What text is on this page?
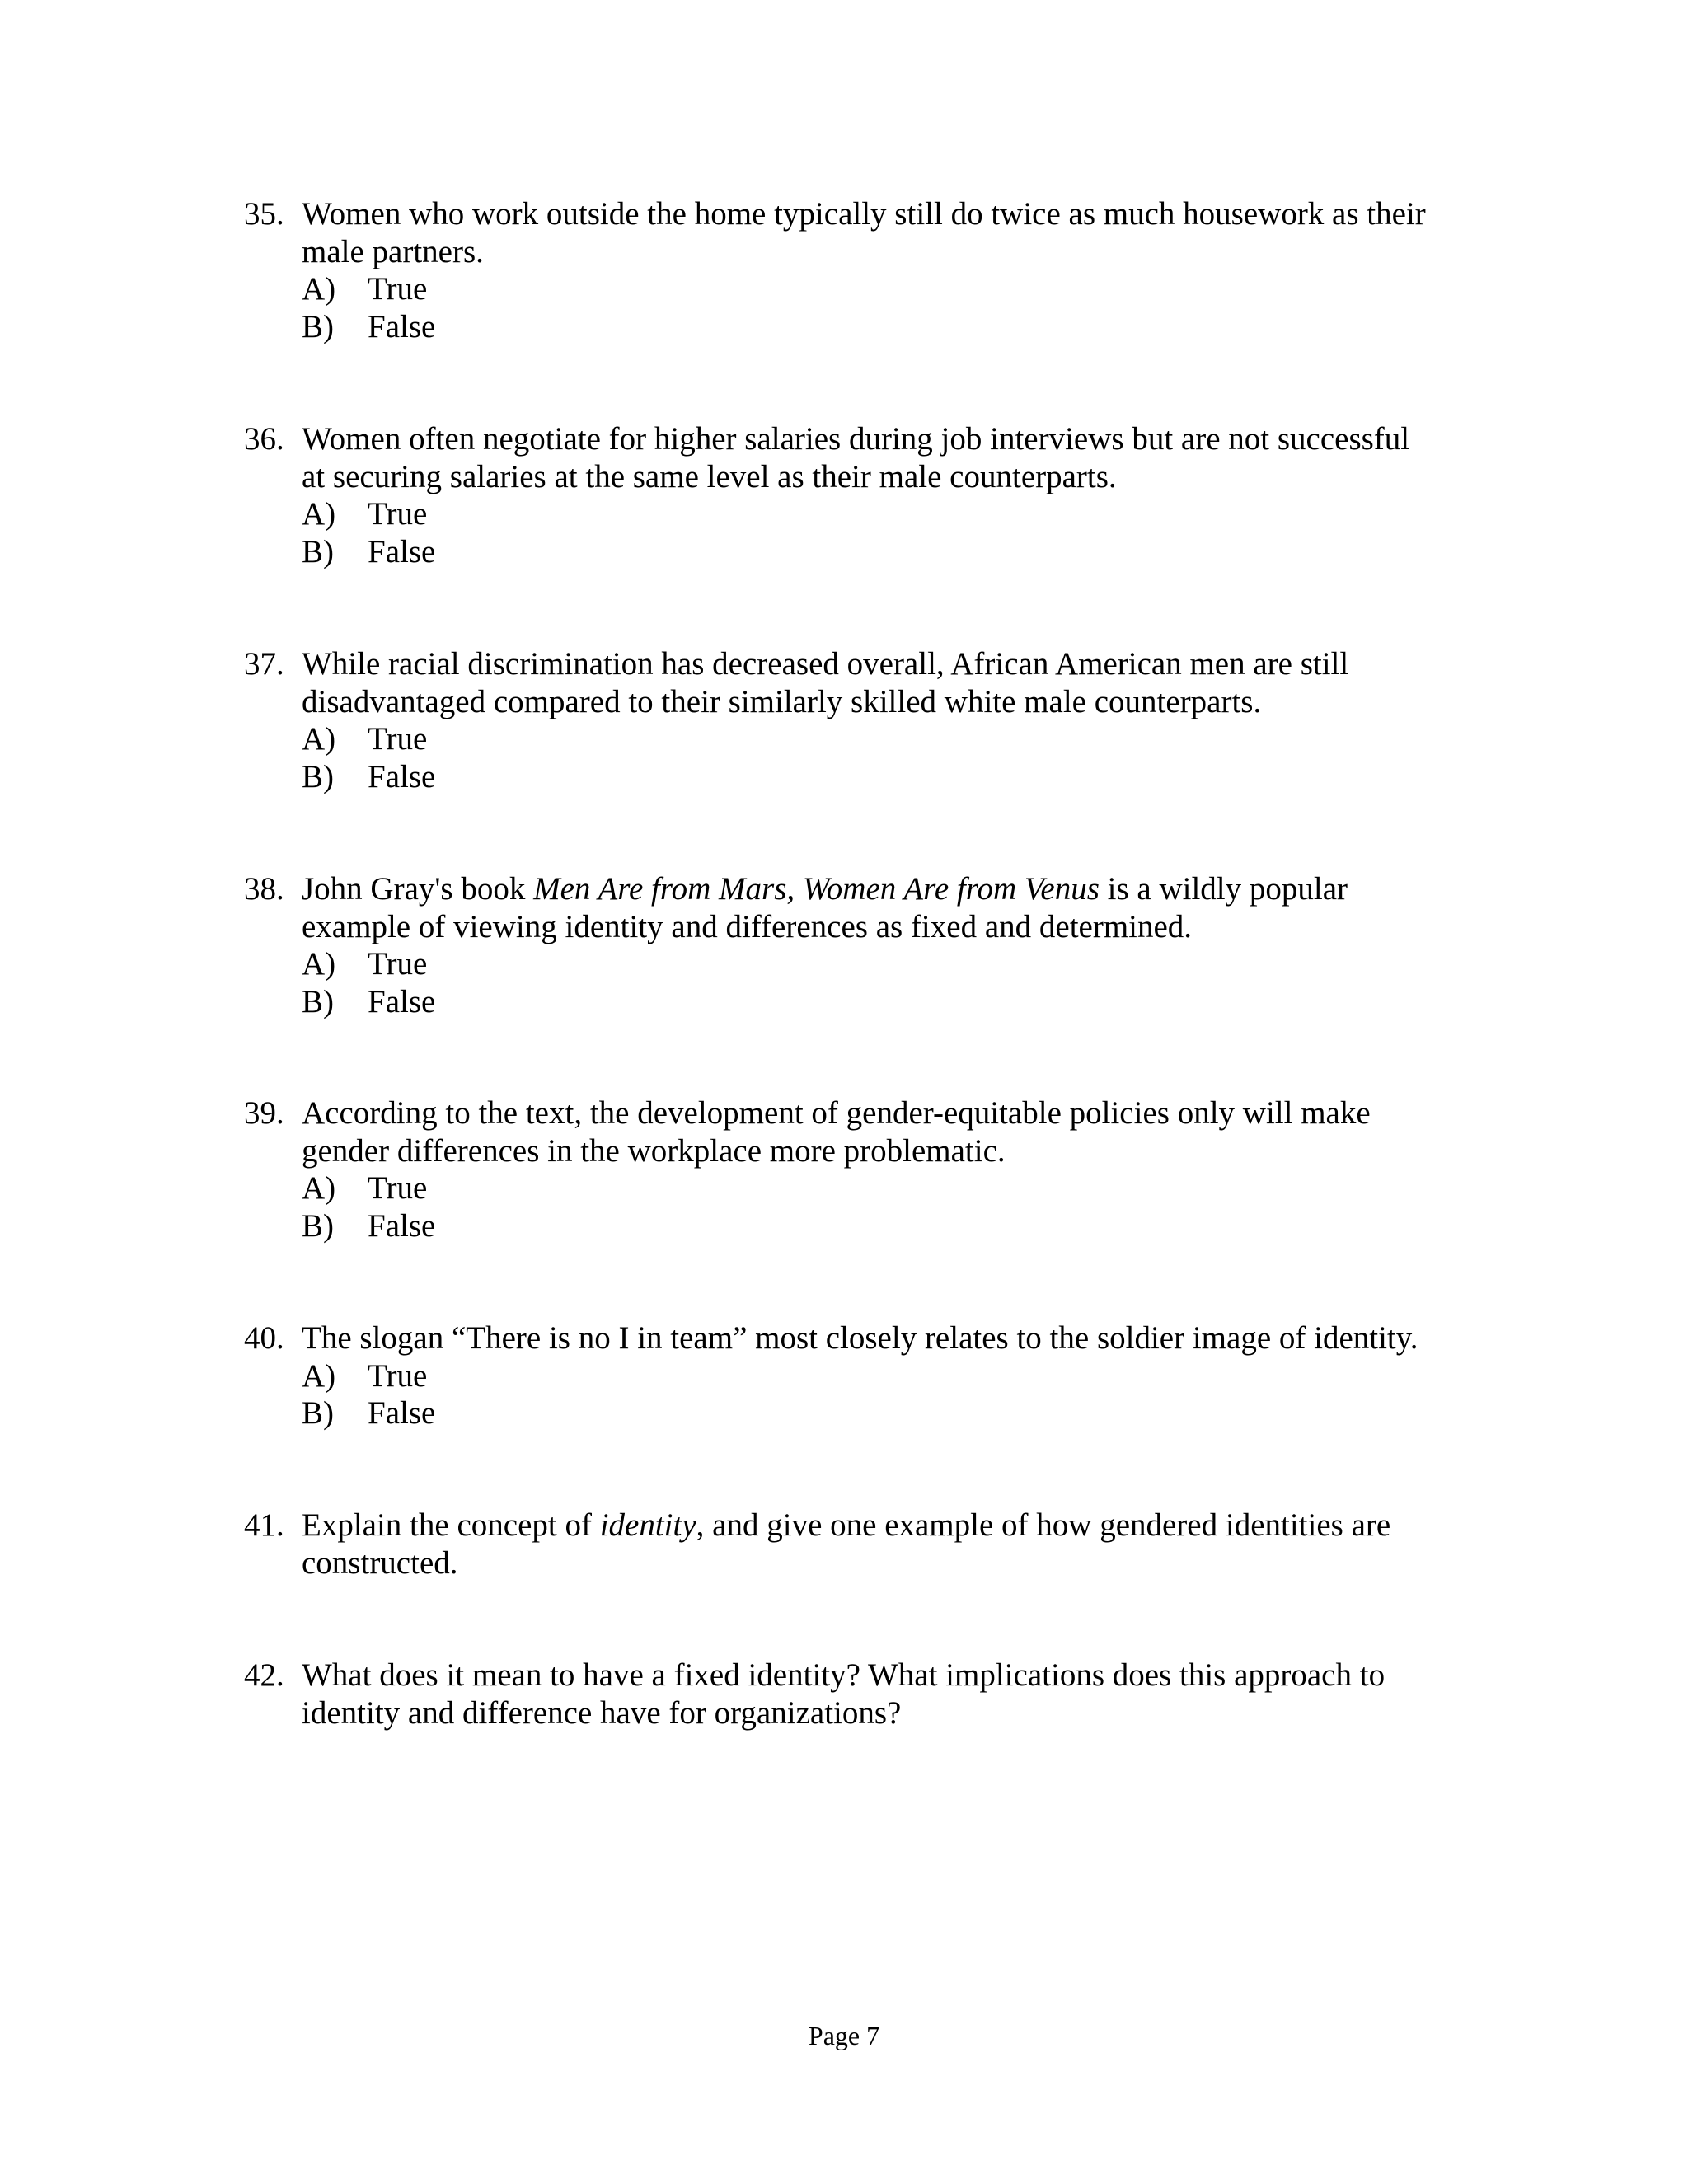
35. Women who work outside the home typically still do twice as much housework as their
male partners.
A) True
B) False
36. Women often negotiate for higher salaries during job interviews but are not successful
at securing salaries at the same level as their male counterparts.
A) True
B) False
37. While racial discrimination has decreased overall, African American men are still
disadvantaged compared to their similarly skilled white male counterparts.
A) True
B) False
38. John Gray's book Men Are from Mars, Women Are from Venus is a wildly popular
example of viewing identity and differences as fixed and determined.
A) True
B) False
39. According to the text, the development of gender-equitable policies only will make
gender differences in the workplace more problematic.
A) True
B) False
40. The slogan “There is no I in team” most closely relates to the soldier image of identity.
A) True
B) False
41. Explain the concept of identity, and give one example of how gendered identities are
constructed.
42. What does it mean to have a fixed identity? What implications does this approach to
identity and difference have for organizations?
Page 7
